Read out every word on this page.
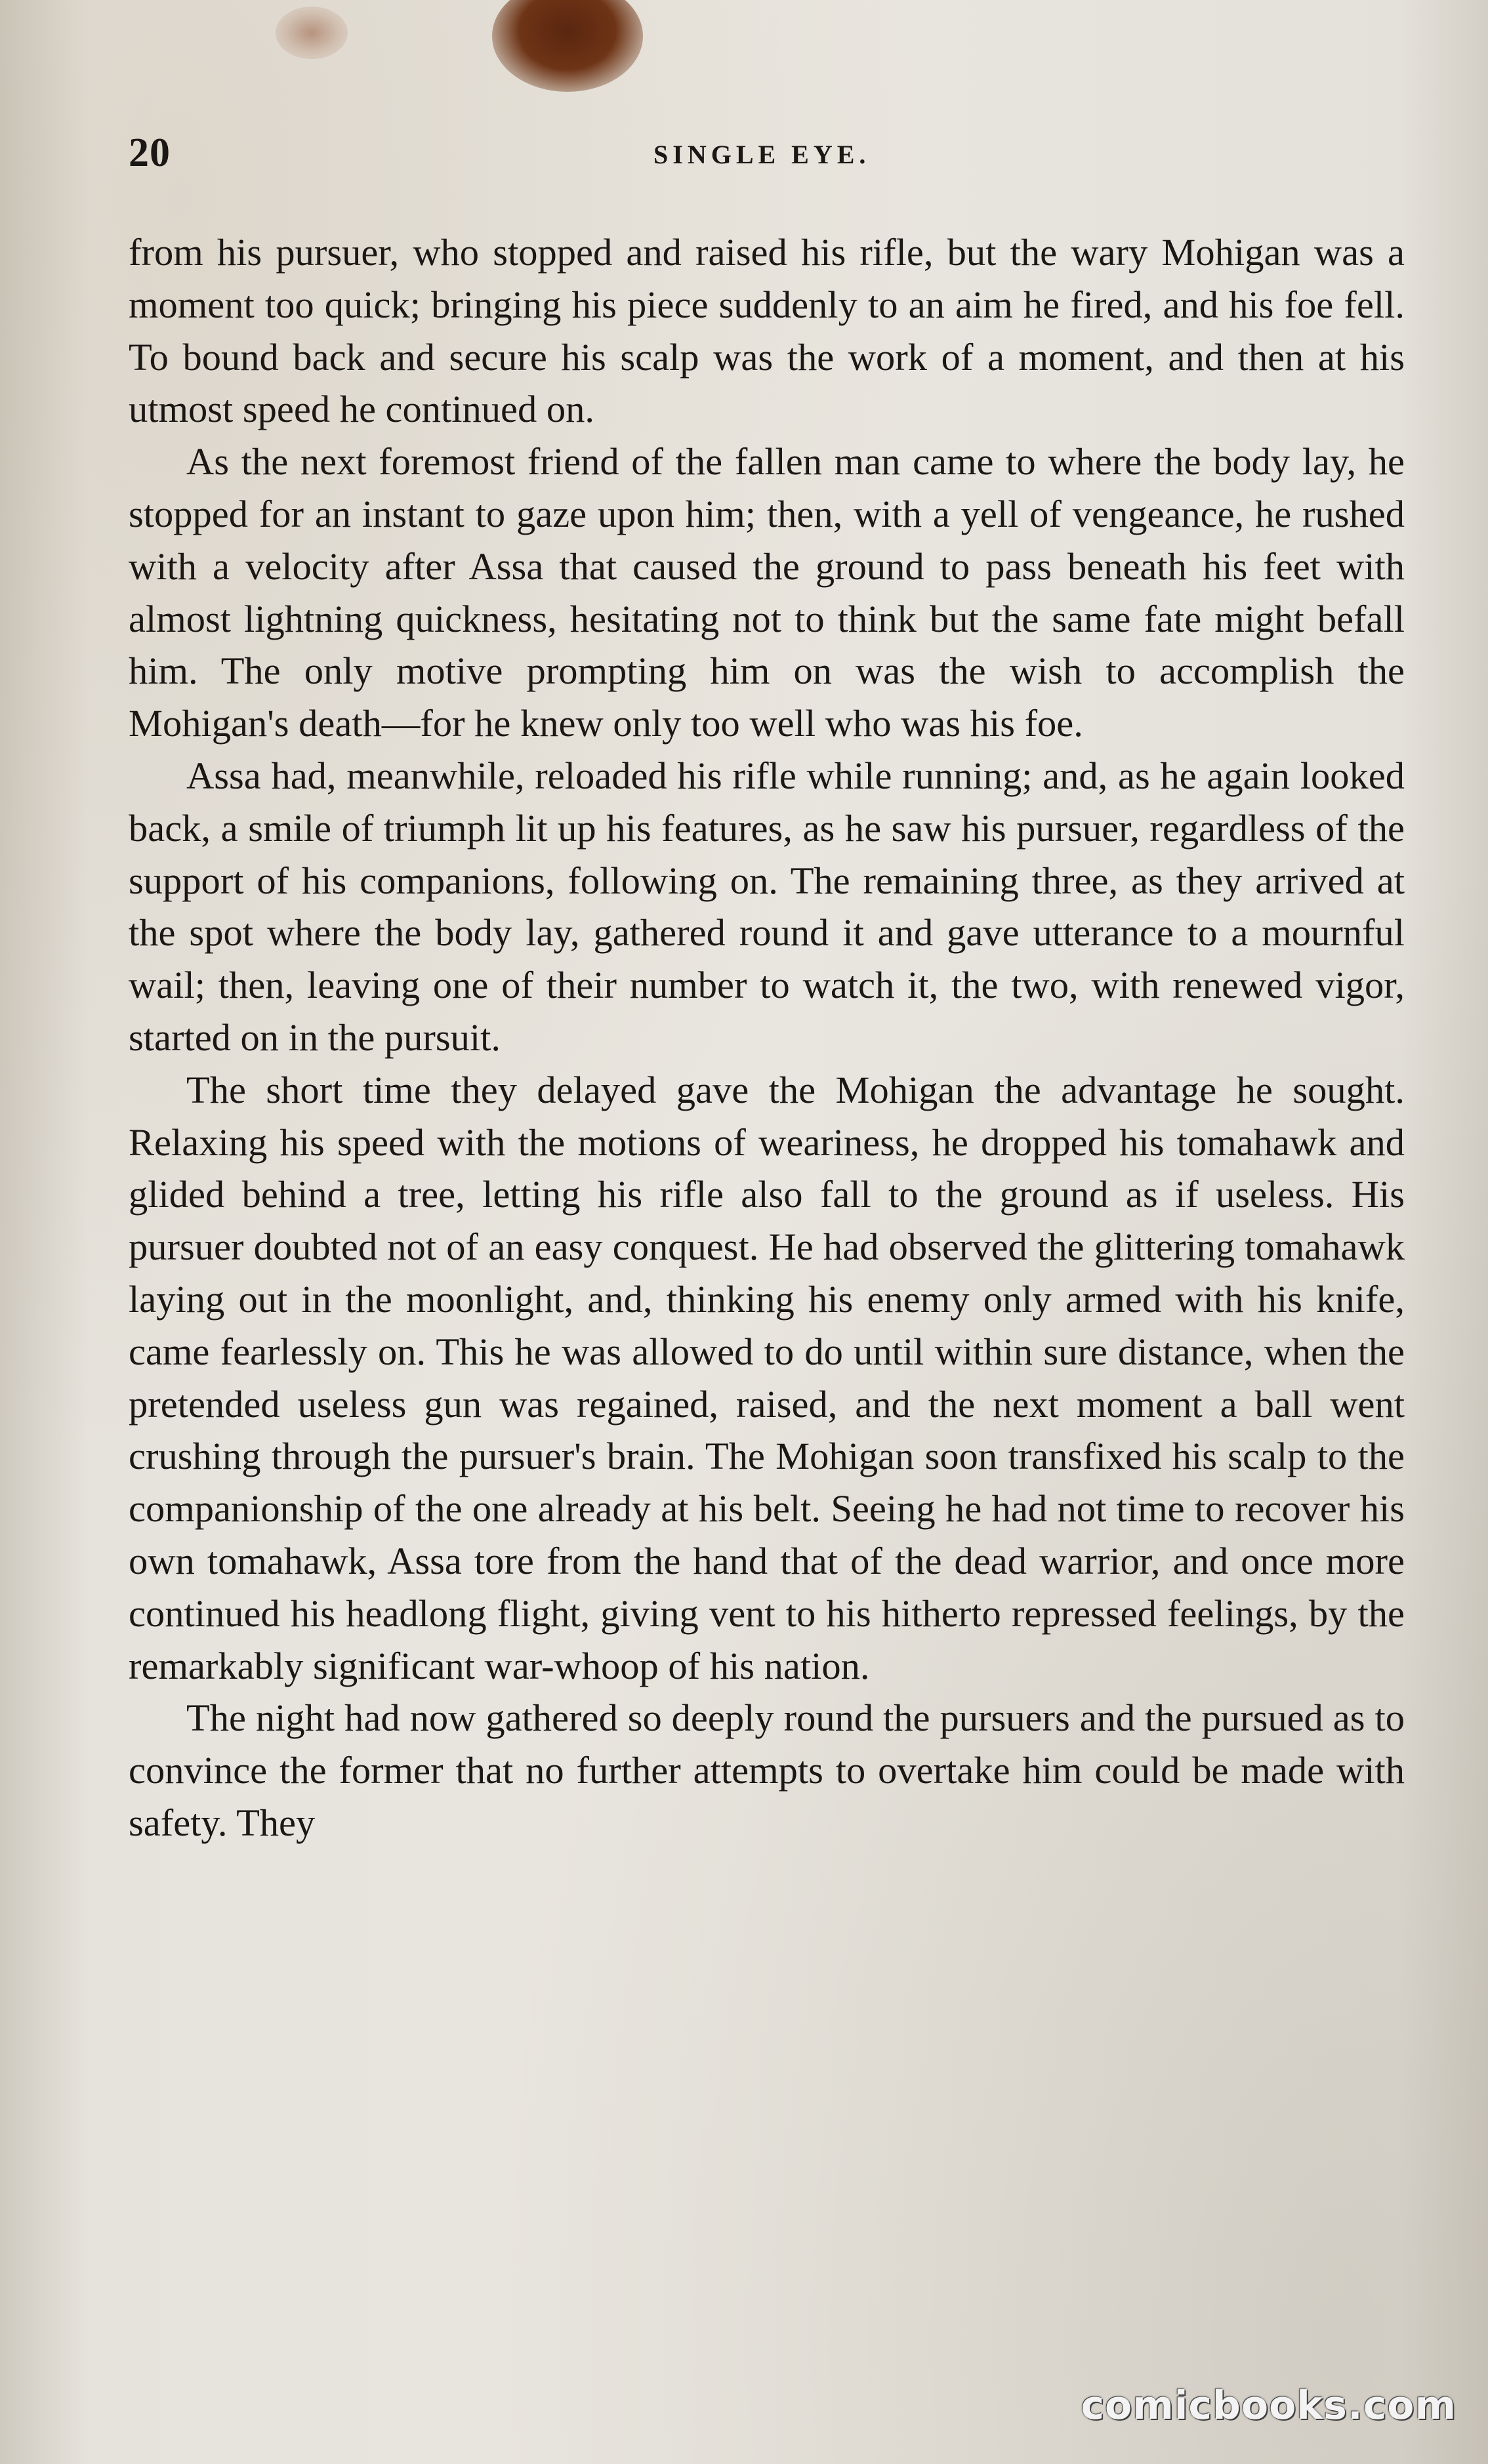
20	SINGLE EYE.

from his pursuer, who stopped and raised his rifle, but the wary Mohigan was a moment too quick; bringing his piece suddenly to an aim he fired, and his foe fell. To bound back and secure his scalp was the work of a moment, and then at his utmost speed he continued on.

As the next foremost friend of the fallen man came to where the body lay, he stopped for an instant to gaze upon him; then, with a yell of vengeance, he rushed with a velocity after Assa that caused the ground to pass beneath his feet with almost lightning quickness, hesitating not to think but the same fate might befall him. The only motive prompting him on was the wish to accomplish the Mohigan's death—for he knew only too well who was his foe.

Assa had, meanwhile, reloaded his rifle while running; and, as he again looked back, a smile of triumph lit up his features, as he saw his pursuer, regardless of the support of his companions, following on. The remaining three, as they arrived at the spot where the body lay, gathered round it and gave utterance to a mournful wail; then, leaving one of their number to watch it, the two, with renewed vigor, started on in the pursuit.

The short time they delayed gave the Mohigan the advantage he sought. Relaxing his speed with the motions of weariness, he dropped his tomahawk and glided behind a tree, letting his rifle also fall to the ground as if useless. His pursuer doubted not of an easy conquest. He had observed the glittering tomahawk laying out in the moonlight, and, thinking his enemy only armed with his knife, came fearlessly on. This he was allowed to do until within sure distance, when the pretended useless gun was regained, raised, and the next moment a ball went crushing through the pursuer's brain. The Mohigan soon transfixed his scalp to the companionship of the one already at his belt. Seeing he had not time to recover his own tomahawk, Assa tore from the hand that of the dead warrior, and once more continued his headlong flight, giving vent to his hitherto repressed feelings, by the remarkably significant war-whoop of his nation.

The night had now gathered so deeply round the pursuers and the pursued as to convince the former that no further attempts to overtake him could be made with safety. They

comicbooks.com
